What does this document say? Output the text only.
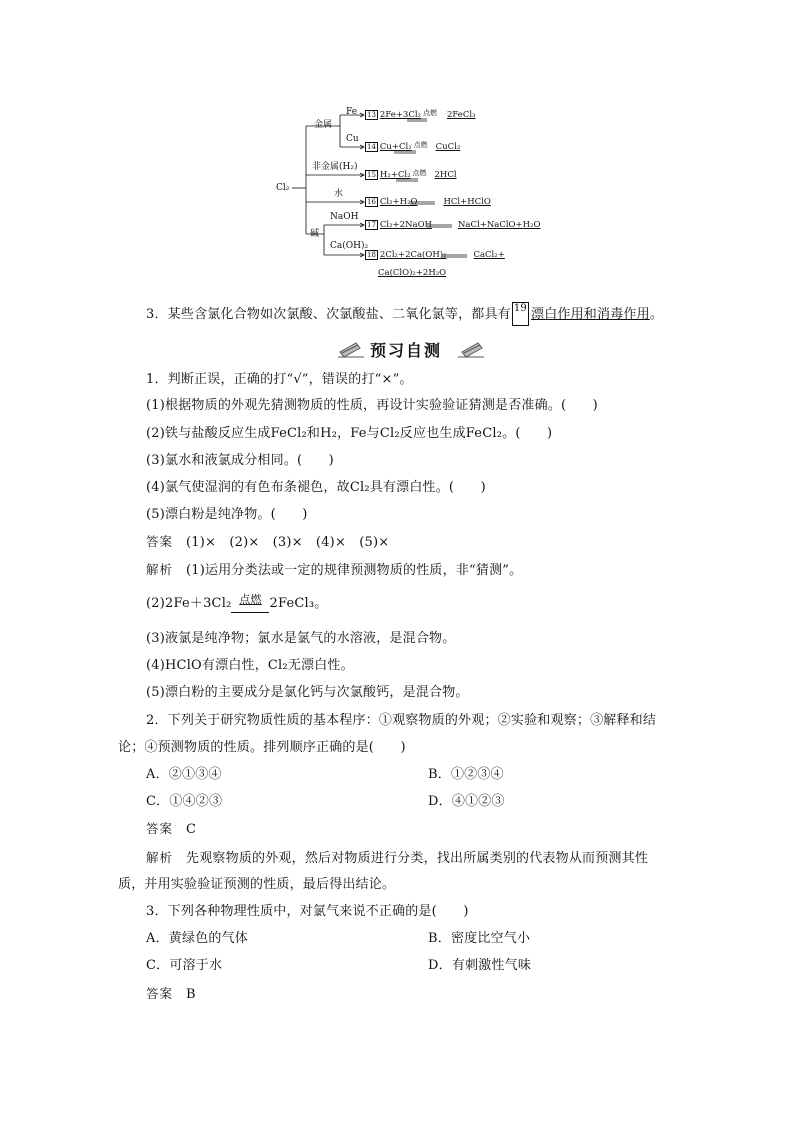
Cl₂
金属
Fe
Cu
非金属(H₂)
水
碱
NaOH
Ca(OH)₂
13 2Fe+3Cl₂ 点燃 2FeCl₃
14 Cu+Cl₂ 点燃 CuCl₂
15 H₂+Cl₂ 点燃 2HCl
16 Cl₂+H₂O	HCl+HClO
17 Cl₂+2NaOH	NaCl+NaClO+H₂O
18 2Cl₂+2Ca(OH)₂	CaCl₂+
Ca(ClO)₂+2H₂O
3．某些含氯化合物如次氯酸、次氯酸盐、二氧化氯等，都具有 19 漂白作用和消毒作用。
预习自测
1．判断正误，正确的打“√”，错误的打“×”。
(1)根据物质的外观先猜测物质的性质，再设计实验验证猜测是否准确。(　　)
(2)铁与盐酸反应生成FeCl₂和H₂，Fe与Cl₂反应也生成FeCl₂。(　　)
(3)氯水和液氯成分相同。(　　)
(4)氯气使湿润的有色布条褪色，故Cl₂具有漂白性。(　　)
(5)漂白粉是纯净物。(　　)
答案 (1)×　(2)×　(3)×　(4)×　(5)×
解析 (1)运用分类法或一定的规律预测物质的性质，非“猜测”。
(2)2Fe＋3Cl₂ 点燃 2FeCl₃。
(3)液氯是纯净物；氯水是氯气的水溶液，是混合物。
(4)HClO有漂白性，Cl₂无漂白性。
(5)漂白粉的主要成分是氯化钙与次氯酸钙，是混合物。
2．下列关于研究物质性质的基本程序：①观察物质的外观；②实验和观察；③解释和结
论；④预测物质的性质。排列顺序正确的是(　　)
A．②①③④	B．①②③④
C．①④②③	D．④①②③
答案 C
解析 先观察物质的外观，然后对物质进行分类，找出所属类别的代表物从而预测其性
质，并用实验验证预测的性质，最后得出结论。
3．下列各种物理性质中，对氯气来说不正确的是(　　)
A．黄绿色的气体	B．密度比空气小
C．可溶于水	D．有刺激性气味
答案 B
